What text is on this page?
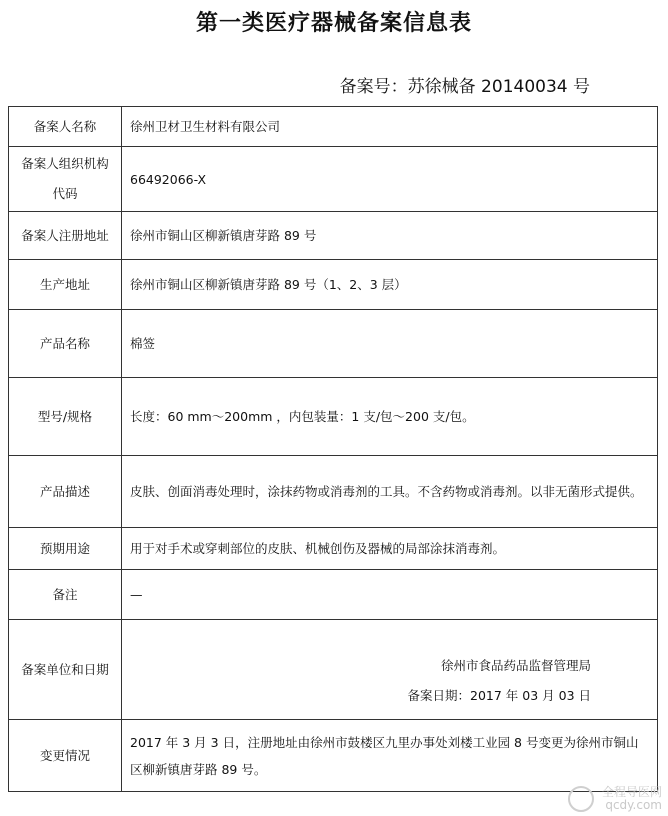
第一类医疗器械备案信息表
备案号：苏徐械备 20140034 号
备案人名称	徐州卫材卫生材料有限公司
备案人组织机构代码	66492066-X
备案人注册地址	徐州市铜山区柳新镇唐芽路 89 号
生产地址	徐州市铜山区柳新镇唐芽路 89 号（1、2、3 层）
产品名称	棉签
型号/规格	长度：60 mm～200mm ，内包装量：1 支/包～200 支/包。
产品描述	皮肤、创面消毒处理时，涂抹药物或消毒剂的工具。不含药物或消毒剂。以非无菌形式提供。
预期用途	用于对手术或穿刺部位的皮肤、机械创伤及器械的局部涂抹消毒剂。
备注	—
备案单位和日期	徐州市食品药品监督管理局
备案日期：2017 年 03 月 03 日

变更情况	2017 年 3 月 3 日，注册地址由徐州市鼓楼区九里办事处刘楼工业园 8 号变更为徐州市铜山区柳新镇唐芽路 89 号。
全程导医网
qcdy.com
